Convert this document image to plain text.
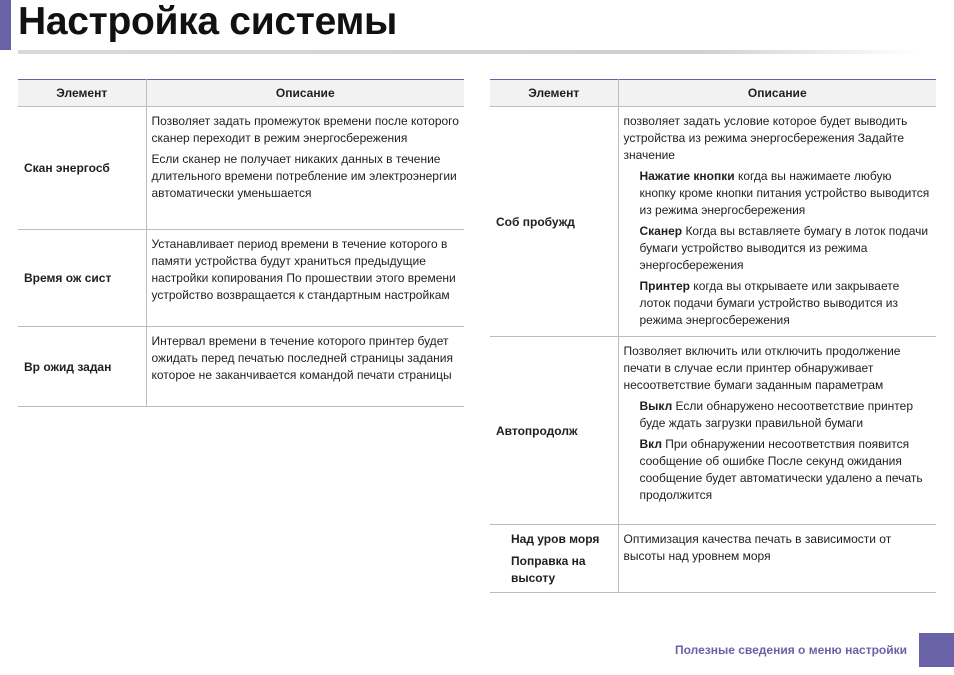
Настройка системы
Элемент	Описание
Скан энергосб	Позволяет задать промежуток времени после которого сканер переходит в режим энергосбережения

Если сканер не получает никаких данных в течение длительного времени потребление им электроэнергии автоматически уменьшается

Время ож сист	Устанавливает период времени в течение которого в памяти устройства будут храниться предыдущие настройки копирования По прошествии этого времени устройство возвращается к стандартным настройкам

Вр ожид задан	Интервал времени в течение которого принтер будет ожидать перед печатью последней страницы задания которое не заканчивается командой печати страницы

Элемент	Описание
Соб пробужд	позволяет задать условие которое будет выводить устройства из режима энергосбережения Задайте значение

Нажатие кнопки когда вы нажимаете любую кнопку кроме кнопки питания устройство выводится из режима энергосбережения

Сканер Когда вы вставляете бумагу в лоток подачи бумаги устройство выводится из режима энергосбережения

Принтер когда вы открываете или закрываете лоток подачи бумаги устройство выводится из режима энергосбережения

Автопродолж	Позволяет включить или отключить продолжение печати в случае если принтер обнаруживает несоответствие бумаги заданным параметрам

Выкл Если обнаружено несоответствие принтер буде ждать загрузки правильной бумаги

Вкл При обнаружении несоответствия появится сообщение об ошибке После секунд ожидания сообщение будет автоматически удалено а печать продолжится

Над уров моря
Поправка на высоту	Оптимизация качества печать в зависимости от высоты над уровнем моря

Полезные сведения о меню настройки
